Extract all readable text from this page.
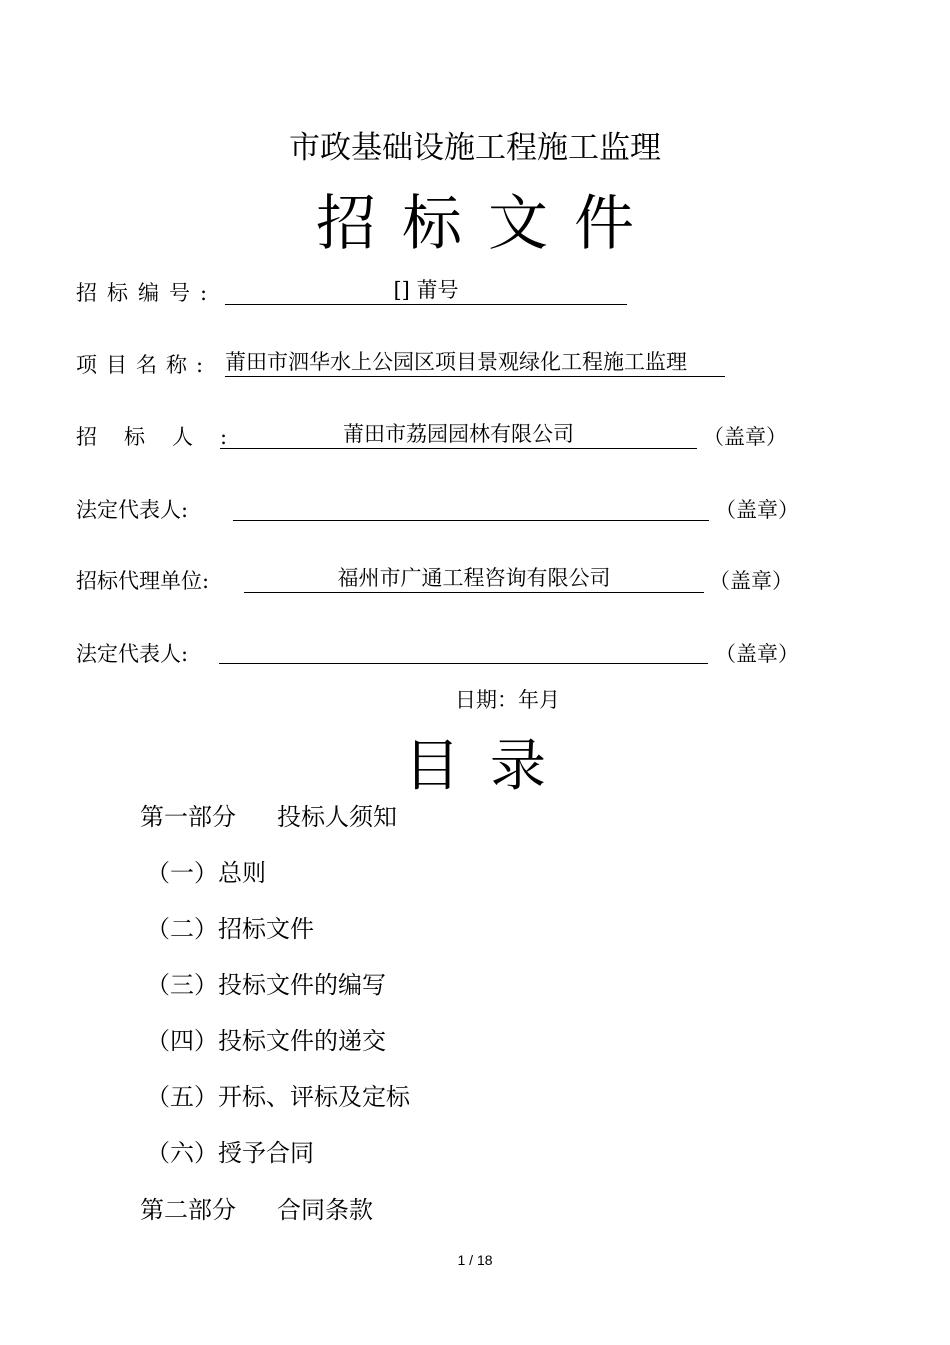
市政基础设施工程施工监理
招标文件
招标编号:	[] 莆号
项目名称: 莆田市泗华水上公园区项目景观绿化工程施工监理
招标人:	莆田市荔园园林有限公司	（盖章）
法定代表人:	（盖章）
招标代理单位:	福州市广通工程咨询有限公司	（盖章）
法定代表人:	（盖章）
日期：年月
目录
第一部分 投标人须知
（一）总则
（二）招标文件
（三）投标文件的编写
（四）投标文件的递交
（五）开标、评标及定标
（六）授予合同
第二部分 合同条款
1 / 18
